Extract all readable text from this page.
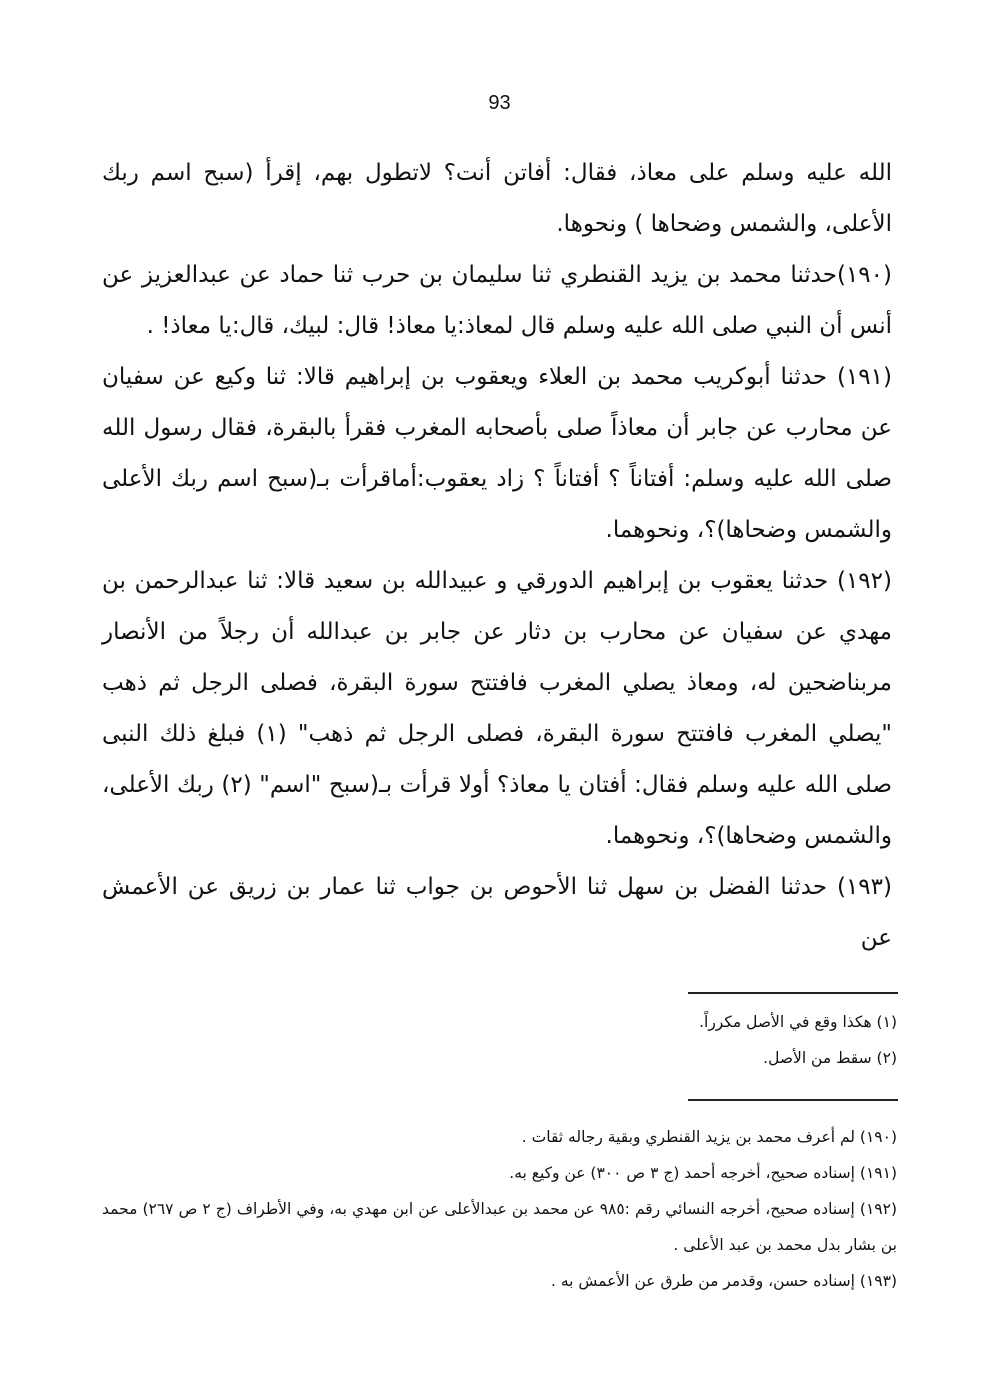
93

الله عليه وسلم على معاذ، فقال: أفاتن أنت؟ لاتطول بهم، إقرأ (سبح اسم ربك الأعلى، والشمس وضحاها ) ونحوها.

(١٩٠)حدثنا محمد بن يزيد القنطري ثنا سليمان بن حرب ثنا حماد عن عبدالعزيز عن أنس أن النبي صلى الله عليه وسلم قال لمعاذ:يا معاذ! قال: لبيك، قال:يا معاذ! .

(١٩١) حدثنا أبوكريب محمد بن العلاء ويعقوب بن إبراهيم قالا: ثنا وكيع عن سفيان عن محارب عن جابر أن معاذاً صلى بأصحابه المغرب فقرأ بالبقرة، فقال رسول الله صلى الله عليه وسلم: أفتاناً ؟ أفتاناً ؟ زاد يعقوب:أماقرأت بـ(سبح اسم ربك الأعلى والشمس وضحاها)؟، ونحوهما.

(١٩٢) حدثنا يعقوب بن إبراهيم الدورقي و عبيدالله بن سعيد قالا: ثنا عبدالرحمن بن مهدي عن سفيان عن محارب بن دثار عن جابر بن عبدالله أن رجلاً من الأنصار مربناضحين له، ومعاذ يصلي المغرب فافتتح سورة البقرة، فصلى الرجل ثم ذهب "يصلي المغرب فافتتح سورة البقرة، فصلى الرجل ثم ذهب" (١) فبلغ ذلك النبى صلى الله عليه وسلم فقال: أفتان يا معاذ؟ أولا قرأت بـ(سبح "اسم" (٢) ربك الأعلى، والشمس وضحاها)؟، ونحوهما.

(١٩٣) حدثنا الفضل بن سهل ثنا الأحوص بن جواب ثنا عمار بن زريق عن الأعمش عن

(١) هكذا وقع في الأصل مكرراً.

(٢) سقط من الأصل.

(١٩٠) لم أعرف محمد بن يزيد القنطري وبقية رجاله ثقات .

(١٩١) إسناده صحيح، أخرجه أحمد (ج ٣ ص ٣٠٠) عن وكيع به.

(١٩٢) إسناده صحيح، أخرجه النسائي رقم :٩٨٥ عن محمد بن عبدالأعلى عن ابن مهدي به، وفي الأطراف (ج ٢ ص ٢٦٧) محمد بن بشار بدل محمد بن عبد الأعلى .

(١٩٣) إسناده حسن، وقدمر من طرق عن الأعمش به .
